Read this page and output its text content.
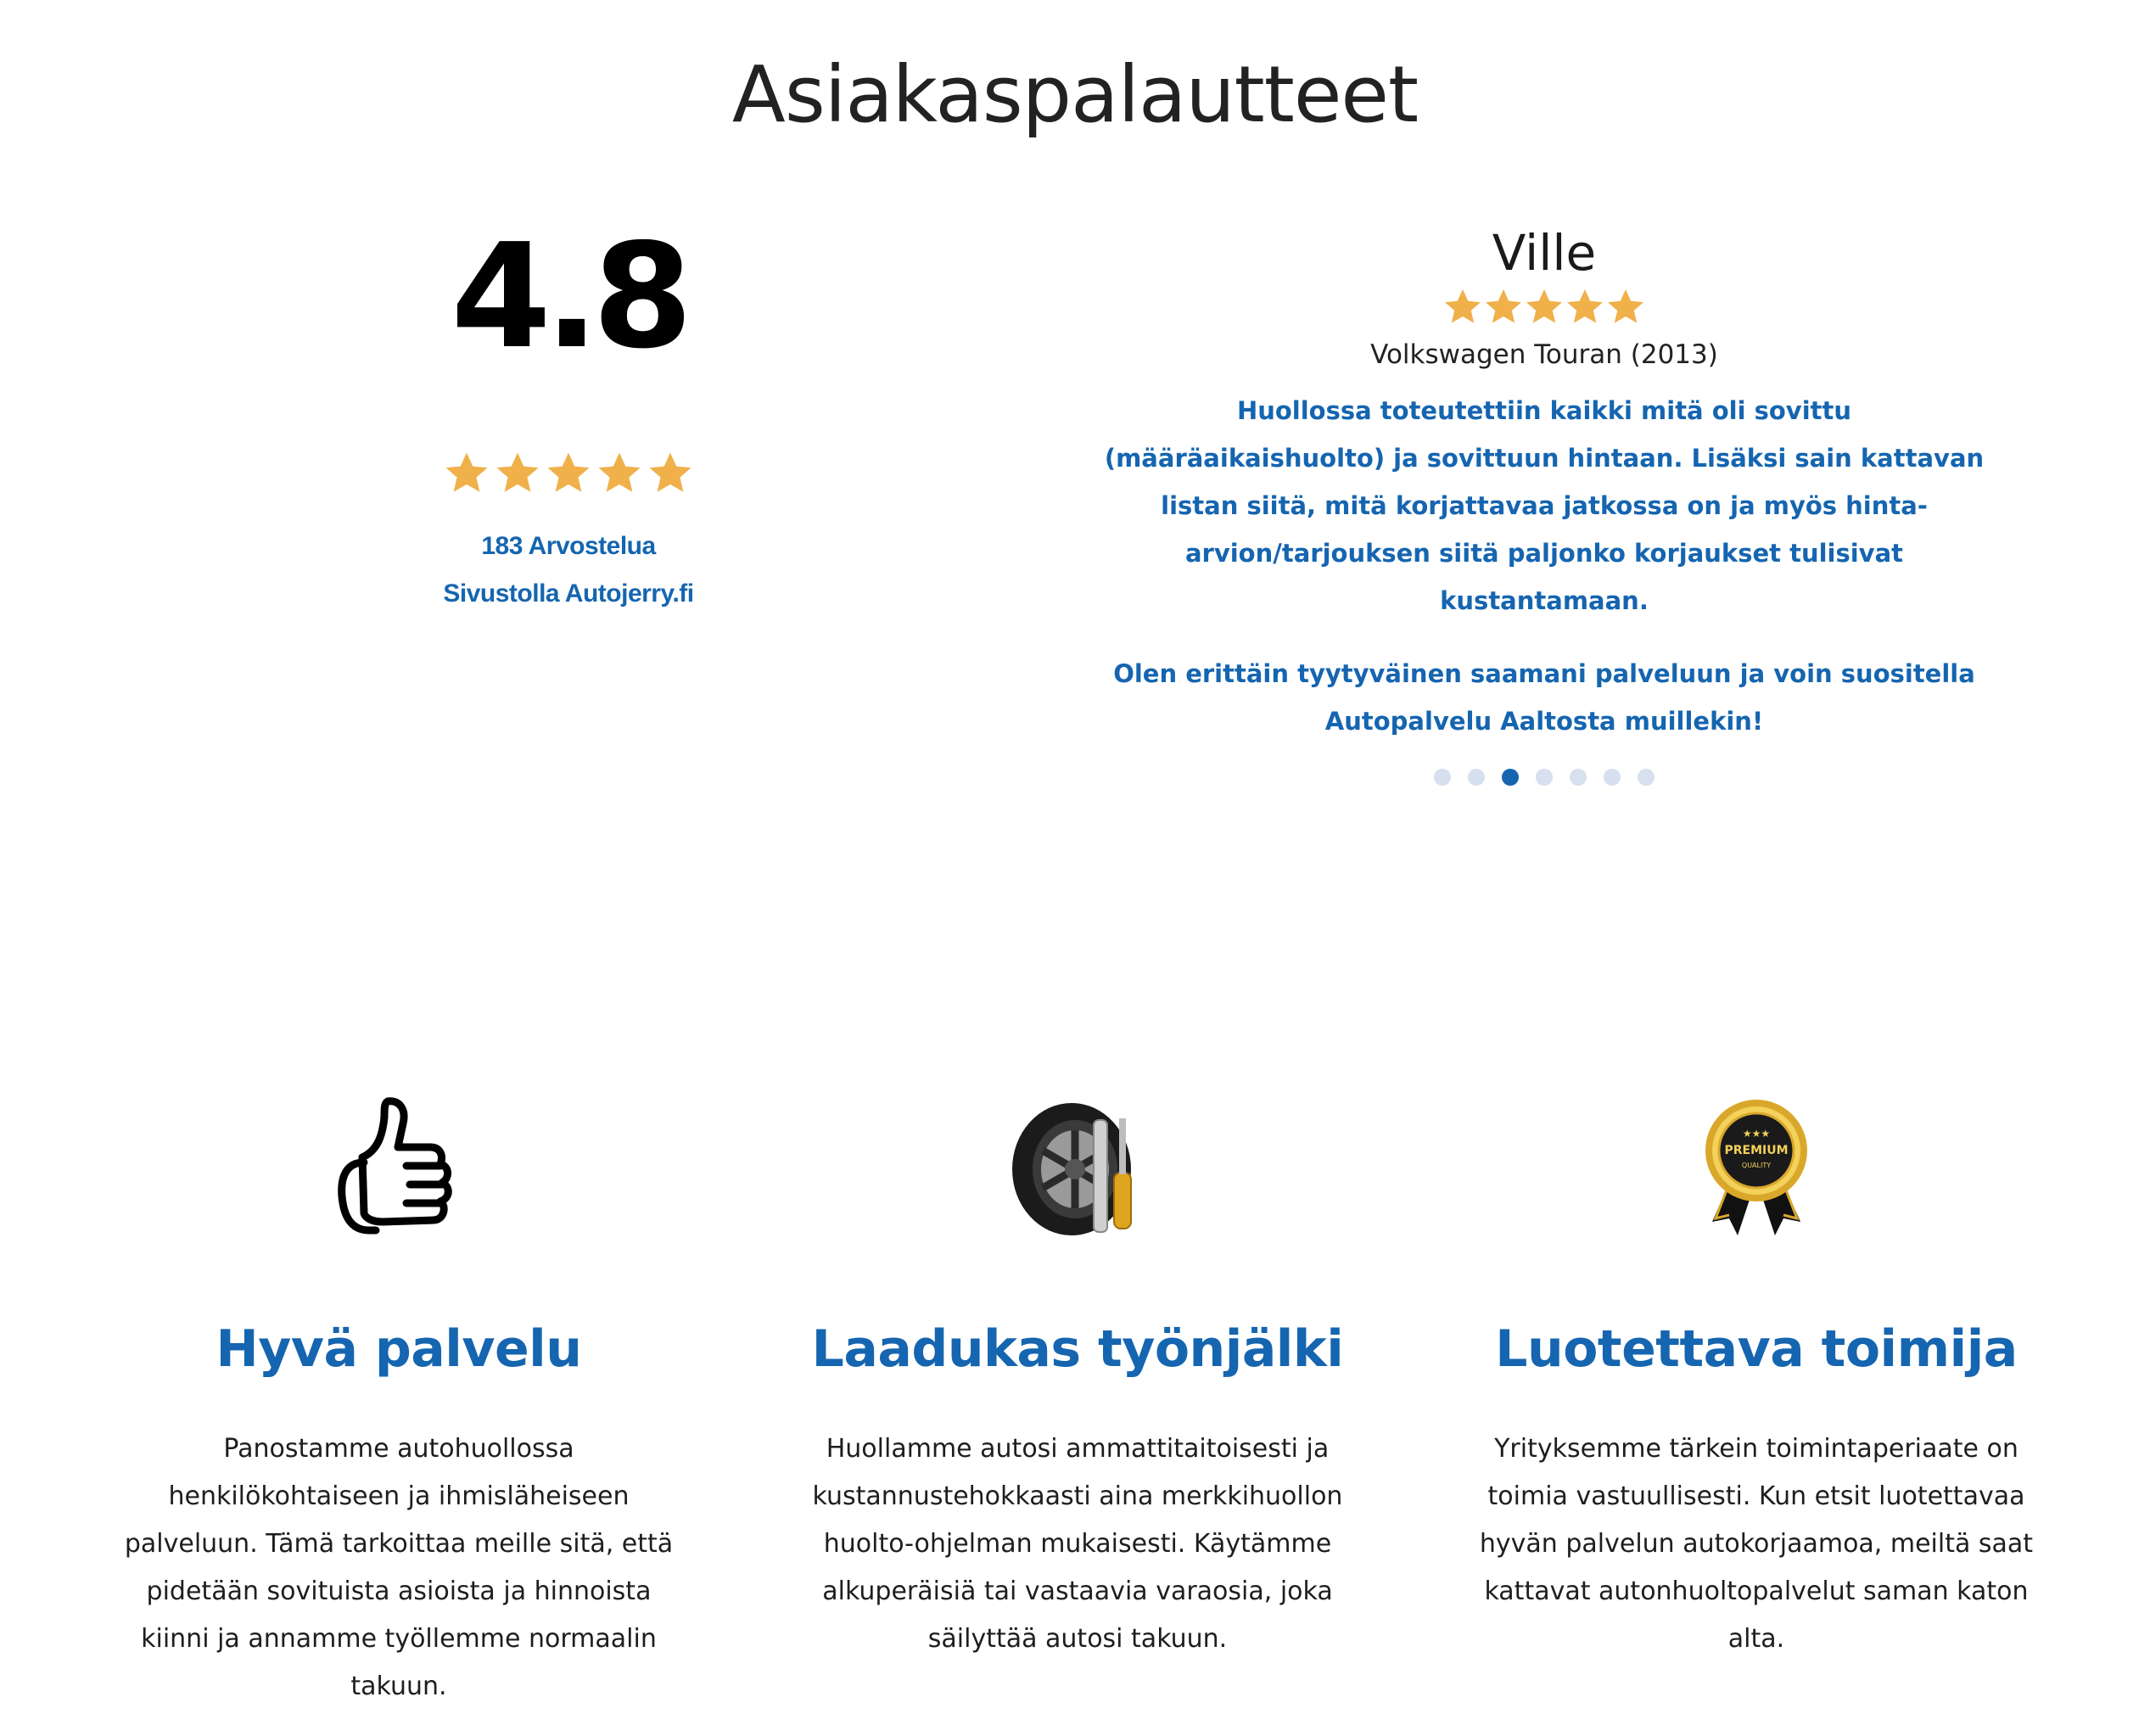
Asiakaspalautteet
4.8
183 Arvostelua
Sivustolla Autojerry.fi
Ville
Volkswagen Touran (2013)

Huollossa toteutettiin kaikki mitä oli sovittu (määräaikaishuolto) ja sovittuun hintaan. Lisäksi sain kattavan listan siitä, mitä korjattavaa jatkossa on ja myös hinta-arvion/tarjouksen siitä paljonko korjaukset tulisivat kustantamaan.

Olen erittäin tyytyväinen saamani palveluun ja voin suositella Autopalvelu Aaltosta muillekin!

Hyvä palvelu

Panostamme autohuollossa henkilökohtaiseen ja ihmisläheiseen palveluun. Tämä tarkoittaa meille sitä, että pidetään sovituista asioista ja hinnoista kiinni ja annamme työllemme normaalin takuun.

Laadukas työnjälki

Huollamme autosi ammattitaitoisesti ja kustannustehokkaasti aina merkkihuollon huolto-ohjelman mukaisesti. Käytämme alkuperäisiä tai vastaavia varaosia, joka säilyttää autosi takuun.

★★★
PREMIUM
QUALITY
Luotettava toimija

Yrityksemme tärkein toimintaperiaate on toimia vastuullisesti. Kun etsit luotettavaa hyvän palvelun autokorjaamoa, meiltä saat kattavat autonhuoltopalvelut saman katon alta.
